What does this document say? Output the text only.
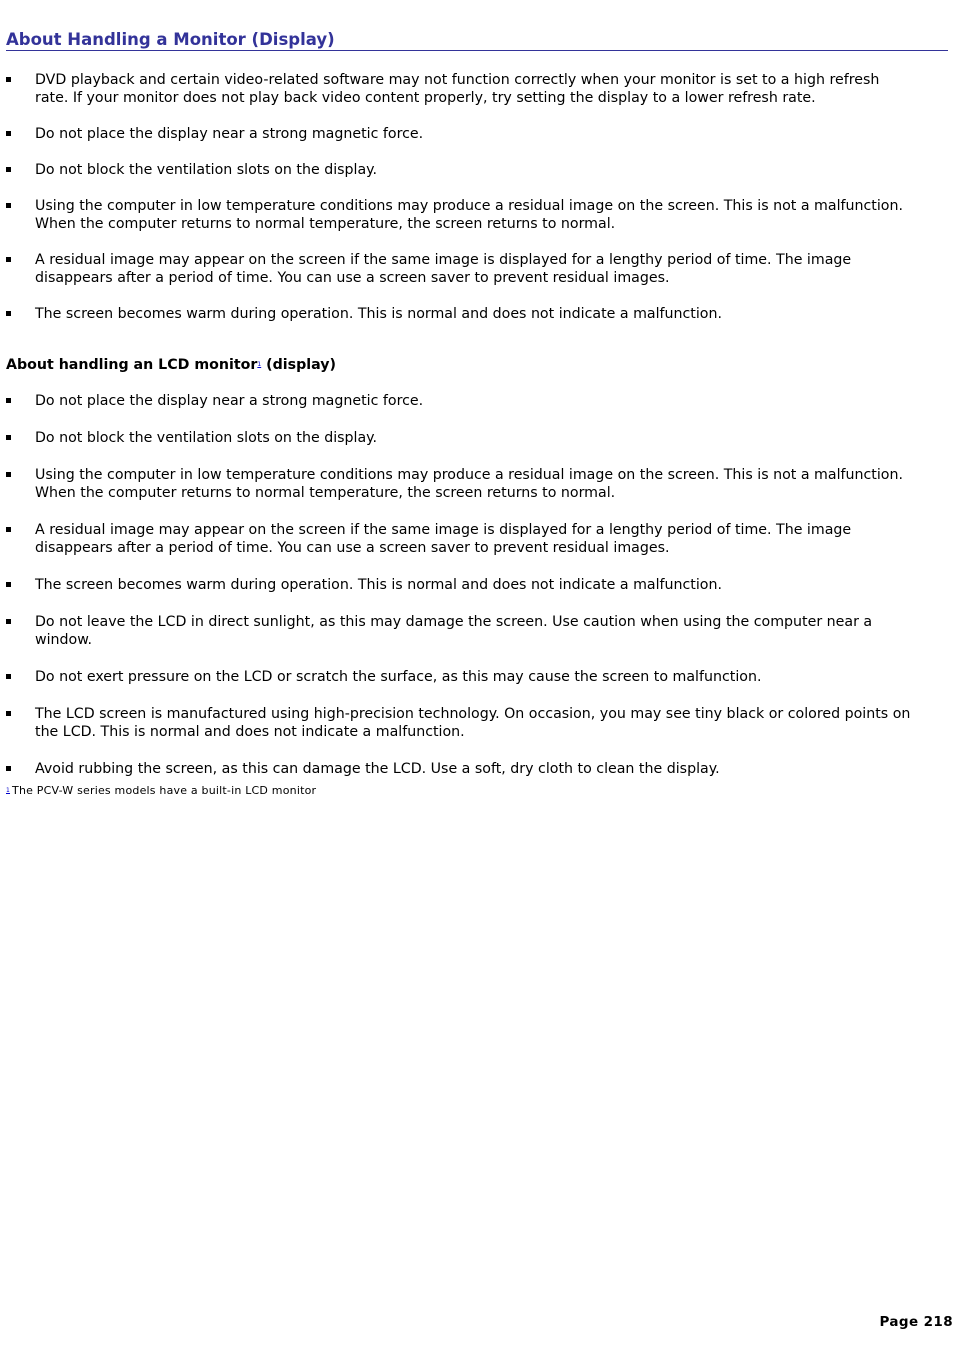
About Handling a Monitor (Display)
DVD playback and certain video-related software may not function correctly when your monitor is set to a high refresh rate. If your monitor does not play back video content properly, try setting the display to a lower refresh rate.
Do not place the display near a strong magnetic force.
Do not block the ventilation slots on the display.
Using the computer in low temperature conditions may produce a residual image on the screen. This is not a malfunction. When the computer returns to normal temperature, the screen returns to normal.
A residual image may appear on the screen if the same image is displayed for a lengthy period of time. The image disappears after a period of time. You can use a screen saver to prevent residual images.
The screen becomes warm during operation. This is normal and does not indicate a malfunction.
About handling an LCD monitor$^1$ (display)
Do not place the display near a strong magnetic force.
Do not block the ventilation slots on the display.
Using the computer in low temperature conditions may produce a residual image on the screen. This is not a malfunction. When the computer returns to normal temperature, the screen returns to normal.
A residual image may appear on the screen if the same image is displayed for a lengthy period of time. The image disappears after a period of time. You can use a screen saver to prevent residual images.
The screen becomes warm during operation. This is normal and does not indicate a malfunction.
Do not leave the LCD in direct sunlight, as this may damage the screen. Use caution when using the computer near a window.
Do not exert pressure on the LCD or scratch the surface, as this may cause the screen to malfunction.
The LCD screen is manufactured using high-precision technology. On occasion, you may see tiny black or colored points on the LCD. This is normal and does not indicate a malfunction.
Avoid rubbing the screen, as this can damage the LCD. Use a soft, dry cloth to clean the display.

1 The PCV-W series models have a built-in LCD monitor

Page 218
